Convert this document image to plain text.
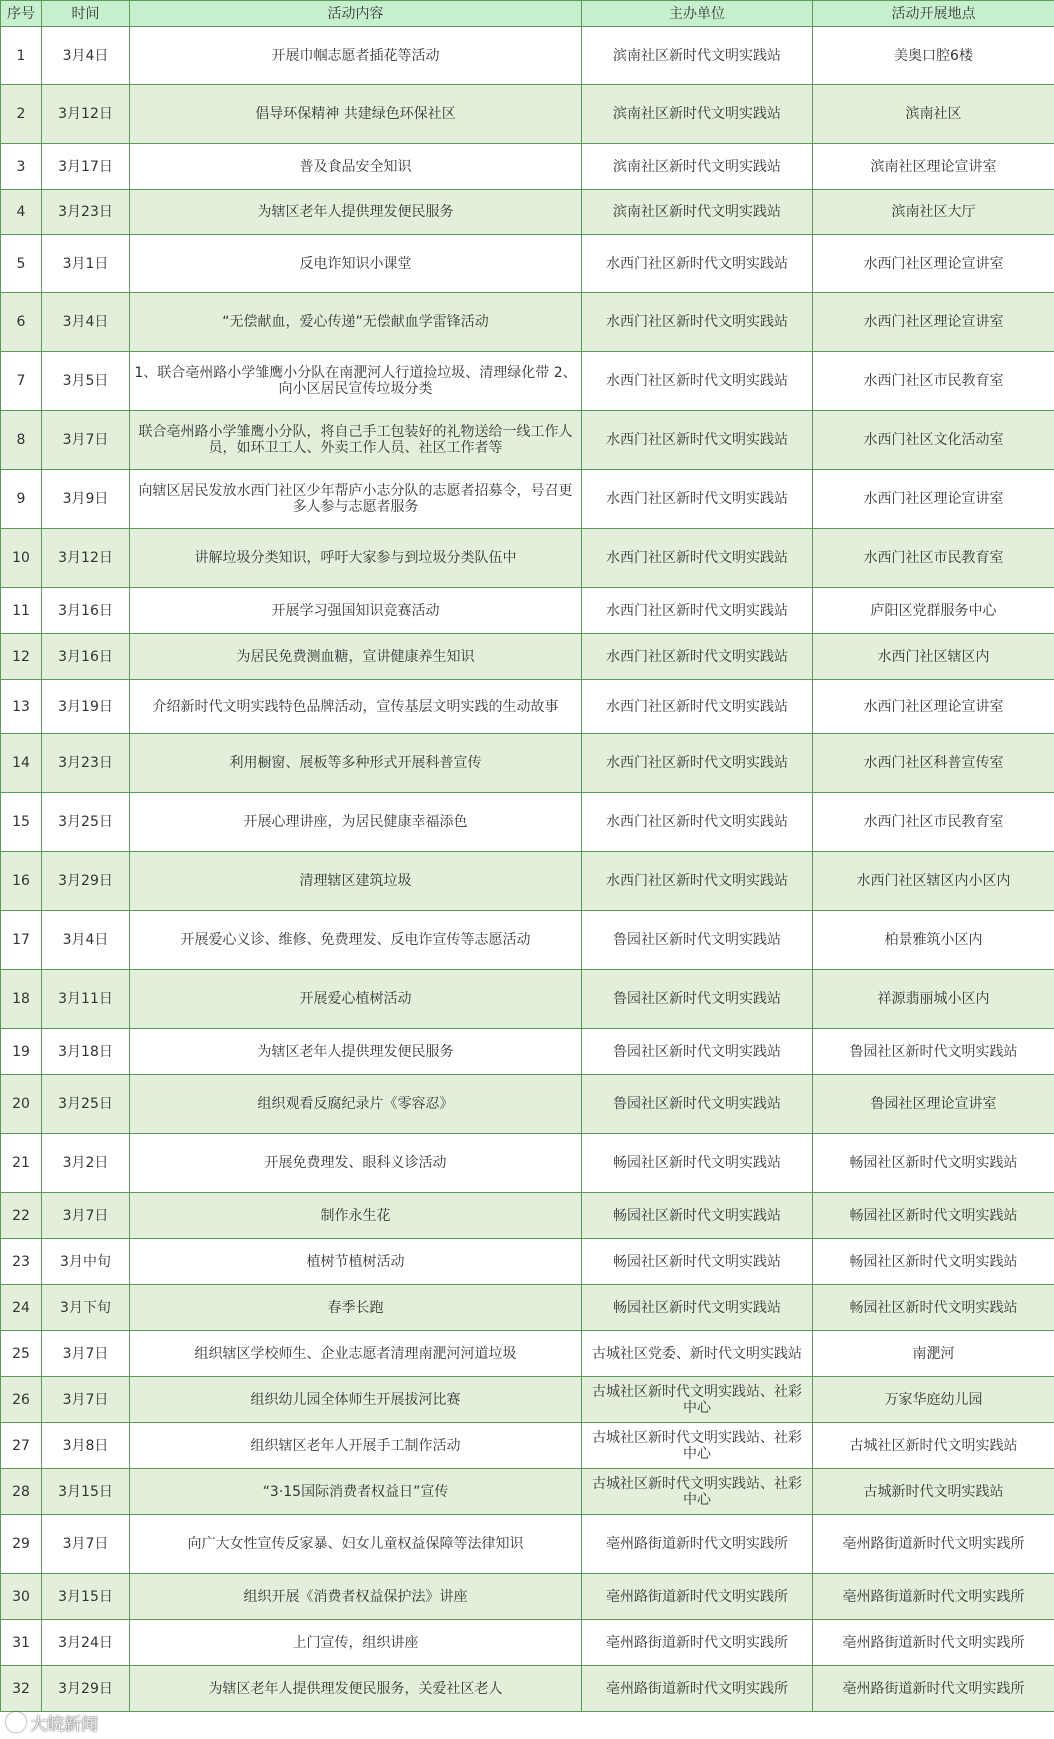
序号	时间	活动内容	主办单位	活动开展地点
1	3月4日	开展巾帼志愿者插花等活动	滨南社区新时代文明实践站	美奥口腔6楼
2	3月12日	倡导环保精神 共建绿色环保社区	滨南社区新时代文明实践站	滨南社区
3	3月17日	普及食品安全知识	滨南社区新时代文明实践站	滨南社区理论宣讲室
4	3月23日	为辖区老年人提供理发便民服务	滨南社区新时代文明实践站	滨南社区大厅
5	3月1日	反电诈知识小课堂	水西门社区新时代文明实践站	水西门社区理论宣讲室
6	3月4日	“无偿献血，爱心传递”无偿献血学雷锋活动	水西门社区新时代文明实践站	水西门社区理论宣讲室
7	3月5日	1、联合亳州路小学雏鹰小分队在南淝河人行道捡垃圾、清理绿化带 2、向小区居民宣传垃圾分类	水西门社区新时代文明实践站	水西门社区市民教育室
8	3月7日	联合亳州路小学雏鹰小分队，将自己手工包装好的礼物送给一线工作人员，如环卫工人、外卖工作人员、社区工作者等	水西门社区新时代文明实践站	水西门社区文化活动室
9	3月9日	向辖区居民发放水西门社区少年帮庐小志分队的志愿者招募令，号召更多人参与志愿者服务	水西门社区新时代文明实践站	水西门社区理论宣讲室
10	3月12日	讲解垃圾分类知识，呼吁大家参与到垃圾分类队伍中	水西门社区新时代文明实践站	水西门社区市民教育室
11	3月16日	开展学习强国知识竞赛活动	水西门社区新时代文明实践站	庐阳区党群服务中心
12	3月16日	为居民免费测血糖，宣讲健康养生知识	水西门社区新时代文明实践站	水西门社区辖区内
13	3月19日	介绍新时代文明实践特色品牌活动，宣传基层文明实践的生动故事	水西门社区新时代文明实践站	水西门社区理论宣讲室
14	3月23日	利用橱窗、展板等多种形式开展科普宣传	水西门社区新时代文明实践站	水西门社区科普宣传室
15	3月25日	开展心理讲座，为居民健康幸福添色	水西门社区新时代文明实践站	水西门社区市民教育室
16	3月29日	清理辖区建筑垃圾	水西门社区新时代文明实践站	水西门社区辖区内小区内
17	3月4日	开展爱心义诊、维修、免费理发、反电诈宣传等志愿活动	鲁园社区新时代文明实践站	柏景雅筑小区内
18	3月11日	开展爱心植树活动	鲁园社区新时代文明实践站	祥源翡丽城小区内
19	3月18日	为辖区老年人提供理发便民服务	鲁园社区新时代文明实践站	鲁园社区新时代文明实践站
20	3月25日	组织观看反腐纪录片《零容忍》	鲁园社区新时代文明实践站	鲁园社区理论宣讲室
21	3月2日	开展免费理发、眼科义诊活动	畅园社区新时代文明实践站	畅园社区新时代文明实践站
22	3月7日	制作永生花	畅园社区新时代文明实践站	畅园社区新时代文明实践站
23	3月中旬	植树节植树活动	畅园社区新时代文明实践站	畅园社区新时代文明实践站
24	3月下旬	春季长跑	畅园社区新时代文明实践站	畅园社区新时代文明实践站
25	3月7日	组织辖区学校师生、企业志愿者清理南淝河河道垃圾	古城社区党委、新时代文明实践站	南淝河
26	3月7日	组织幼儿园全体师生开展拔河比赛	古城社区新时代文明实践站、社彩中心	万家华庭幼儿园
27	3月8日	组织辖区老年人开展手工制作活动	古城社区新时代文明实践站、社彩中心	古城社区新时代文明实践站
28	3月15日	“3·15国际消费者权益日”宣传	古城社区新时代文明实践站、社彩中心	古城新时代文明实践站
29	3月7日	向广大女性宣传反家暴、妇女儿童权益保障等法律知识	亳州路街道新时代文明实践所	亳州路街道新时代文明实践所
30	3月15日	组织开展《消费者权益保护法》讲座	亳州路街道新时代文明实践所	亳州路街道新时代文明实践所
31	3月24日	上门宣传，组织讲座	亳州路街道新时代文明实践所	亳州路街道新时代文明实践所
32	3月29日	为辖区老年人提供理发便民服务，关爱社区老人	亳州路街道新时代文明实践所	亳州路街道新时代文明实践所
大皖新闻
